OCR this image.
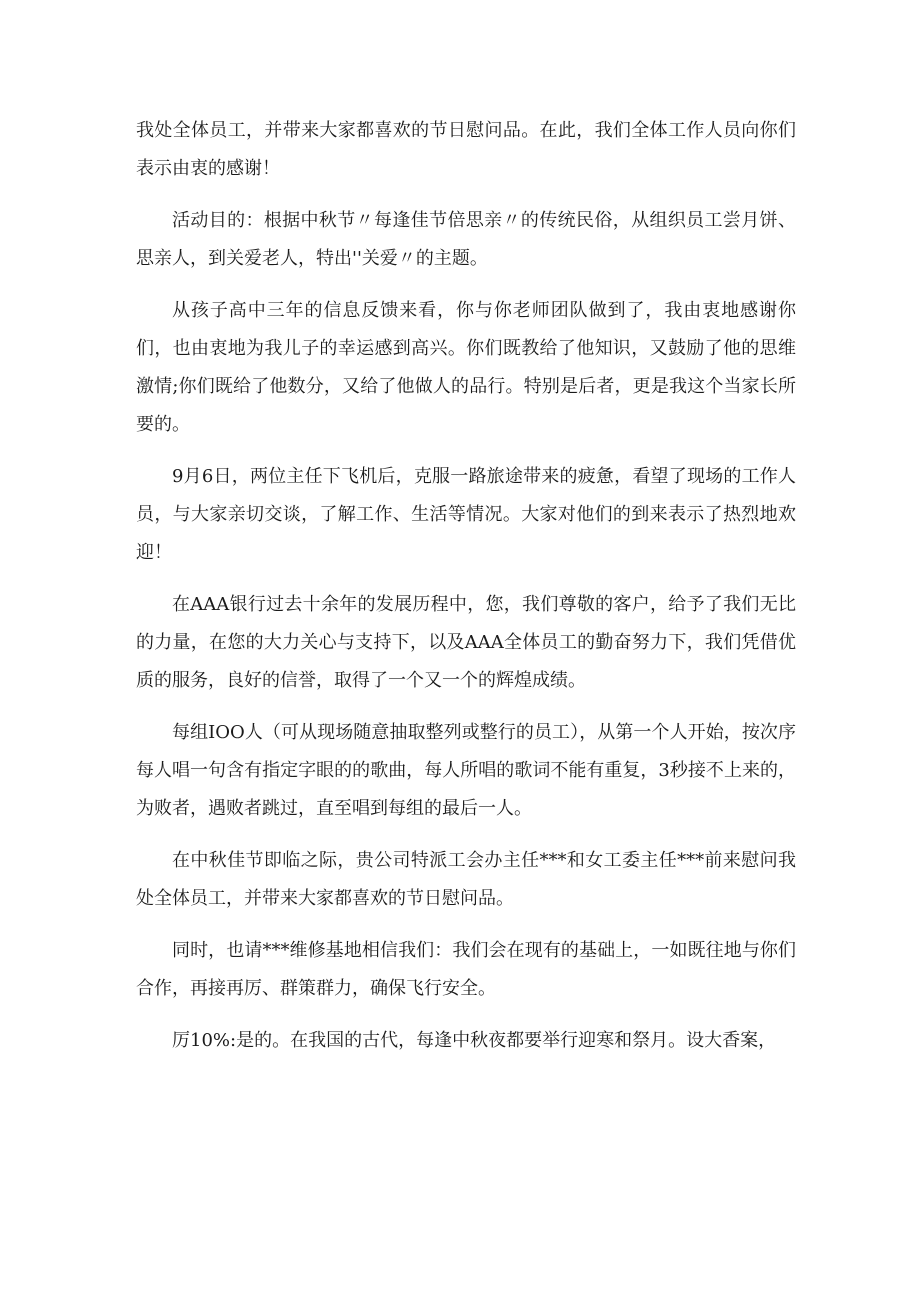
我处全体员工，并带来大家都喜欢的节日慰问品。在此，我们全体工作人员向你们表示由衷的感谢！

活动目的：根据中秋节〃每逢佳节倍思亲〃的传统民俗，从组织员工尝月饼、思亲人，到关爱老人，特出''关爱〃的主题。

从孩子高中三年的信息反馈来看，你与你老师团队做到了，我由衷地感谢你们，也由衷地为我儿子的幸运感到高兴。你们既教给了他知识，又鼓励了他的思维激情;你们既给了他数分，又给了他做人的品行。特别是后者，更是我这个当家长所要的。

9月6日，两位主任下飞机后，克服一路旅途带来的疲惫，看望了现场的工作人员，与大家亲切交谈，了解工作、生活等情况。大家对他们的到来表示了热烈地欢迎！

在AAA银行过去十余年的发展历程中，您，我们尊敬的客户，给予了我们无比的力量，在您的大力关心与支持下，以及AAA全体员工的勤奋努力下，我们凭借优质的服务，良好的信誉，取得了一个又一个的辉煌成绩。

每组IOO人（可从现场随意抽取整列或整行的员工），从第一个人开始，按次序每人唱一句含有指定字眼的的歌曲，每人所唱的歌词不能有重复，3秒接不上来的，为败者，遇败者跳过，直至唱到每组的最后一人。

在中秋佳节即临之际，贵公司特派工会办主任***和女工委主任***前来慰问我处全体员工，并带来大家都喜欢的节日慰问品。

同时，也请***维修基地相信我们：我们会在现有的基础上，一如既往地与你们合作，再接再厉、群策群力，确保飞行安全。

厉10%:是的。在我国的古代，每逢中秋夜都要举行迎寒和祭月。设大香案，
